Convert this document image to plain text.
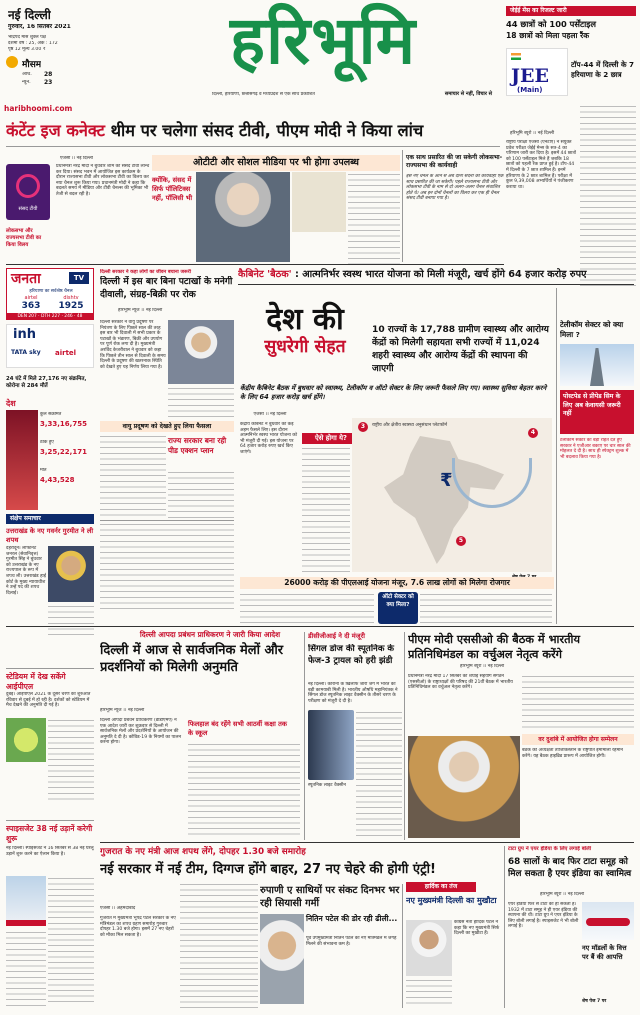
नई दिल्ली
गुरुवार, 16 सितंबर 2021
भाद्रपद मास शुक्ल पक्ष
दशमी वर्ष : 25, अंक : 172
पृष्ठ 12 मूल्य 3.00 ₹
मौसम
अधि. 28
न्यून. 23
हरिभूमि
दिल्ली, हरियाणा, छत्तीसगढ़ व मध्यप्रदेश से एक साथ प्रकाशित	समाचार से नहीं, विचार से
haribhoomi.com
जेईई मेंस का रिजल्ट जारी
44 छात्रों को 100 पर्सेंटाइल
18 छात्रों को मिला पहला रैंक
JEE
(Main)
टॉप-44 में दिल्ली के 7 हरियाणा के 2 छात्र
हरिभूमि ब्यूरो ।। नई दिल्ली
राष्ट्रीय परीक्षा एजेंसी (एनटीए) ने संयुक्त प्रवेश परीक्षा जेईई मेन्स के सत्र-4 का परिणाम जारी कर दिया है। इसमें 44 छात्रों को 100 पर्सेंटाइल मिले हैं जबकि 18 छात्रों को पहली रैंक प्राप्त हुई है। टॉप-44 में दिल्ली के 7 छात्र शामिल हैं। इनमें हरियाणा के 2 छात्र शामिल हैं। परीक्षा में कुल 9,39,008 अभ्यर्थियों ने पंजीकरण कराया था।
कंटेंट इज कनेक्ट थीम पर चलेगा संसद टीवी, पीएम मोदी ने किया लांच
एजेंसी ।। नई दिल्ली
संसद टीवी
लोकसभा और राज्यसभा टीवी का किया विलय
प्रधानमंत्री नरेंद्र मोदी ने बुधवार शाम को संसद टीवी लॉन्च कर दिया। संसद भवन में आयोजित इस कार्यक्रम के दौरान राज्यसभा टीवी और लोकसभा टीवी का विलय कर नया चैनल शुरू किया गया। प्रधानमंत्री मोदी ने कहा कि बदलते समय में मीडिया और टीवी चैनल्स की भूमिका भी तेजी से बदल रही है।
ओटीटी और सोशल मीडिया पर भी होगा उपलब्ध
क्योंकि, संसद में सिर्फ पॉलिटिक्स नहीं, पॉलिसी भी
एक साथ प्रसारित की जा सकेगी लोकसभा-राज्यसभा की कार्यवाही
इस नए चैनल के आने से अब दोनों सदनों की कार्यवाही एक साथ प्रसारित की जा सकेगी। पहले राज्यसभा टीवी और लोकसभा टीवी के नाम से दो अलग-अलग चैनल संचालित होते थे। अब इन दोनों चैनलों का विलय कर एक ही चैनल संसद टीवी बनाया गया है।
जनता	TV
हरियाणा का सर्वश्रेष्ठ चैनल
airtel
363
dishtv
1925
DEN 207 · DTH 227 · 246 · 48
दिल्ली सरकार ने कहा लोगों का जीवन बचाना जरूरी
दिल्ली में इस बार बिना पटाखों के मनेगी दीवाली, संग्रह-बिक्री पर रोक
हरिभूमि न्यूज ।। नई दिल्ली
दिल्ली सरकार ने वायु प्रदूषण पर नियंत्रण के लिए पिछले साल की तरह इस बार भी दिवाली में सभी प्रकार के पटाखों के भंडारण, बिक्री और उपयोग पर पूर्ण रोक लगा दी है। मुख्यमंत्री अरविंद केजरीवाल ने बुधवार को कहा कि पिछले तीन साल से दिवाली के समय दिल्ली के प्रदूषण की खतरनाक स्थिति को देखते हुए यह निर्णय लिया गया है।
वायु प्रदूषण को देखते हुए लिया फैसला
राज्य सरकार बना रही पीड एक्शन प्लान
inh
TATA sky airtel
24 घंटे में मिले 27,176 नए संक्रमित, कोरोना से 284 मौतें
देश
कुल संक्रमित
3,33,16,755
ठीक हुए
3,25,22,171
मौत
4,43,528
संक्षेप समाचार
उत्तराखंड के नए गवर्नर गुरमीत ने ली शपथ
देहरादून। लेफ्टिनेंट जनरल (सेवानिवृत्त) गुरमीत सिंह ने बुधवार को उत्तराखंड के नए राज्यपाल के रूप में शपथ ली। उत्तराखंड हाई कोर्ट के मुख्य न्यायाधीश ने उन्हें पद की शपथ दिलाई।
स्टेडियम में देख सकेंगे आईपीएल
दुबई। आईपीएल 2021 के दूसरे चरण की शुरुआत रविवार से दुबई में हो रही है। दर्शकों को स्टेडियम में मैच देखने की अनुमति दी गई है।
स्पाइसजेट 38 नई उड़ानें करेगी शुरू
नई दिल्ली। स्पाइसजेट ने 16 सितंबर से 38 नई घरेलू उड़ानें शुरू करने का ऐलान किया है।
कैबिनेट 'बैठक' : आत्मनिर्भर स्वस्थ भारत योजना को मिली मंजूरी, खर्च होंगे 64 हजार करोड़ रुपए
देश की
सुधरेगी सेहत
10 राज्यों के 17,788 ग्रामीण स्वास्थ्य और आरोग्य केंद्रों को मिलेगी सहायता सभी राज्यों में 11,024 शहरी स्वास्थ्य और आरोग्य केंद्रों की स्थापना की जाएगी
केंद्रीय कैबिनेट बैठक में बुधवार को स्वास्थ्य, टेलीकॉम व ऑटो सेक्टर के लिए जरूरी फैसले लिए गए। स्वास्थ्य सुविधा बेहतर करने के लिए 64 हजार करोड़ खर्च होंगे।
एजेंसी ।। नई दिल्ली
केंद्रीय कैबिनेट ने बुधवार को कई अहम फैसले लिए। इस दौरान आत्मनिर्भर स्वस्थ भारत योजना को भी मंजूरी दी गई। इस योजना पर 64 हजार करोड़ रुपए खर्च किए जाएंगे।
ऐसे होगा ये?
3	राष्ट्रीय और क्षेत्रीय स्वास्थ्य अनुसंधान प्लेटफॉर्म
4
5
₹
टेलीकॉम सेक्टर को क्या मिला ?
पोस्टपेड से प्रीपेड सिम के लिए अब केवायसी जरूरी नहीं
टेलीकॉम सेक्टर को बड़ी राहत देते हुए सरकार ने एजीआर बकाए पर चार साल की मोहलत दे दी है। साथ ही स्पेक्ट्रम शुल्क में भी बदलाव किया गया है।
26000 करोड़ की पीएलआई योजना मंजूर, 7.6 लाख लोगों को मिलेगा रोजगार
ऑटो सेक्टर को क्या मिला?
दिल्ली आपदा प्रबंधन प्राधिकरण ने जारी किया आदेश
दिल्ली में आज से सार्वजनिक मेलों और प्रदर्शनियों को मिलेगी अनुमति
हरिभूमि न्यूज ।। नई दिल्ली
दिल्ली आपदा प्रबंधन प्राधिकरण (डीडीएमए) ने एक आदेश जारी कर शुक्रवार से दिल्ली में सार्वजनिक मेलों और प्रदर्शनियों के आयोजन की अनुमति दे दी है। कोविड-19 के नियमों का पालन करना होगा।
फिलहाल बंद रहेंगे सभी आठवीं कक्षा तक के स्कूल
डीसीजीआई ने दी मंजूरी
सिंगल डोज की स्पूतनिक के फेज-3 ट्रायल को हरी झंडी
नई दिल्ली। कोरोना के खिलाफ जारी जंग में भारत को बड़ी कामयाबी मिली है। भारतीय औषधि महानियंत्रक ने सिंगल डोज स्पूतनिक लाइट वैक्सीन के तीसरे चरण के परीक्षण को मंजूरी दे दी है।
स्पूतनिक लाइट वैक्सीन
पीएम मोदी एससीओ की बैठक में भारतीय प्रतिनिधिमंडल का वर्चुअल नेतृत्व करेंगे
हरिभूमि ब्यूरो ।। नई दिल्ली
प्रधानमंत्री नरेंद्र मोदी 17 सितंबर को शंघाई सहयोग संगठन (एससीओ) के राष्ट्राध्यक्षों की परिषद की 21वीं बैठक में भारतीय प्रतिनिधिमंडल का वर्चुअल नेतृत्व करेंगे।
वर दुशांबे में आयोजित होगा सम्मेलन
बैठक की अध्यक्षता ताजिकिस्तान के राष्ट्रपति इमोमाली रहमोन करेंगे। यह बैठक हाइब्रिड प्रारूप में आयोजित होगी।
गुजरात के नए मंत्री आज शपथ लेंगे, दोपहर 1.30 बजे समारोह
नई सरकार में नई टीम, दिग्गज होंगे बाहर, 27 नए चेहरे की होगी एंट्री!
एजेंसी ।। अहमदाबाद
गुजरात में मुख्यमंत्री भूपेंद्र पटेल सरकार के नए मंत्रिमंडल का शपथ ग्रहण समारोह गुरुवार दोपहर 1.30 बजे होगा। इसमें 27 नए चेहरों को मौका मिल सकता है।
रुपाणी ए साथियों पर संकट दिनभर भर रही सियासी गर्मी
नितिन पटेल की डोर रही ढीली...
पूर्व उपमुख्यमंत्री नितिन पटेल को नए मंत्रिमंडल में जगह मिलने की संभावना कम है।
हार्दिक का तंज
नए मुख्यमंत्री दिल्ली का मुखौटा
कांग्रेस नेता हार्दिक पटेल ने कहा कि नए मुख्यमंत्री सिर्फ दिल्ली का मुखौटा हैं।
टाटा ग्रुप ने एयर इंडिया के लिए लगाई बोली
68 सालों के बाद फिर टाटा समूह को मिल सकता है एयर इंडिया का स्वामित्व
हरिभूमि ब्यूरो ।। नई दिल्ली
एयर इंडिया फिर से टाटा की हो सकती है। 1932 में टाटा समूह ने ही एयर इंडिया की स्थापना की थी। टाटा ग्रुप ने एयर इंडिया के लिए बोली लगाई है। स्पाइसजेट ने भी बोली लगाई है।
नए मॉडलों के वित्त पर बैं की आपत्ति
शेष पेज 7 पर
